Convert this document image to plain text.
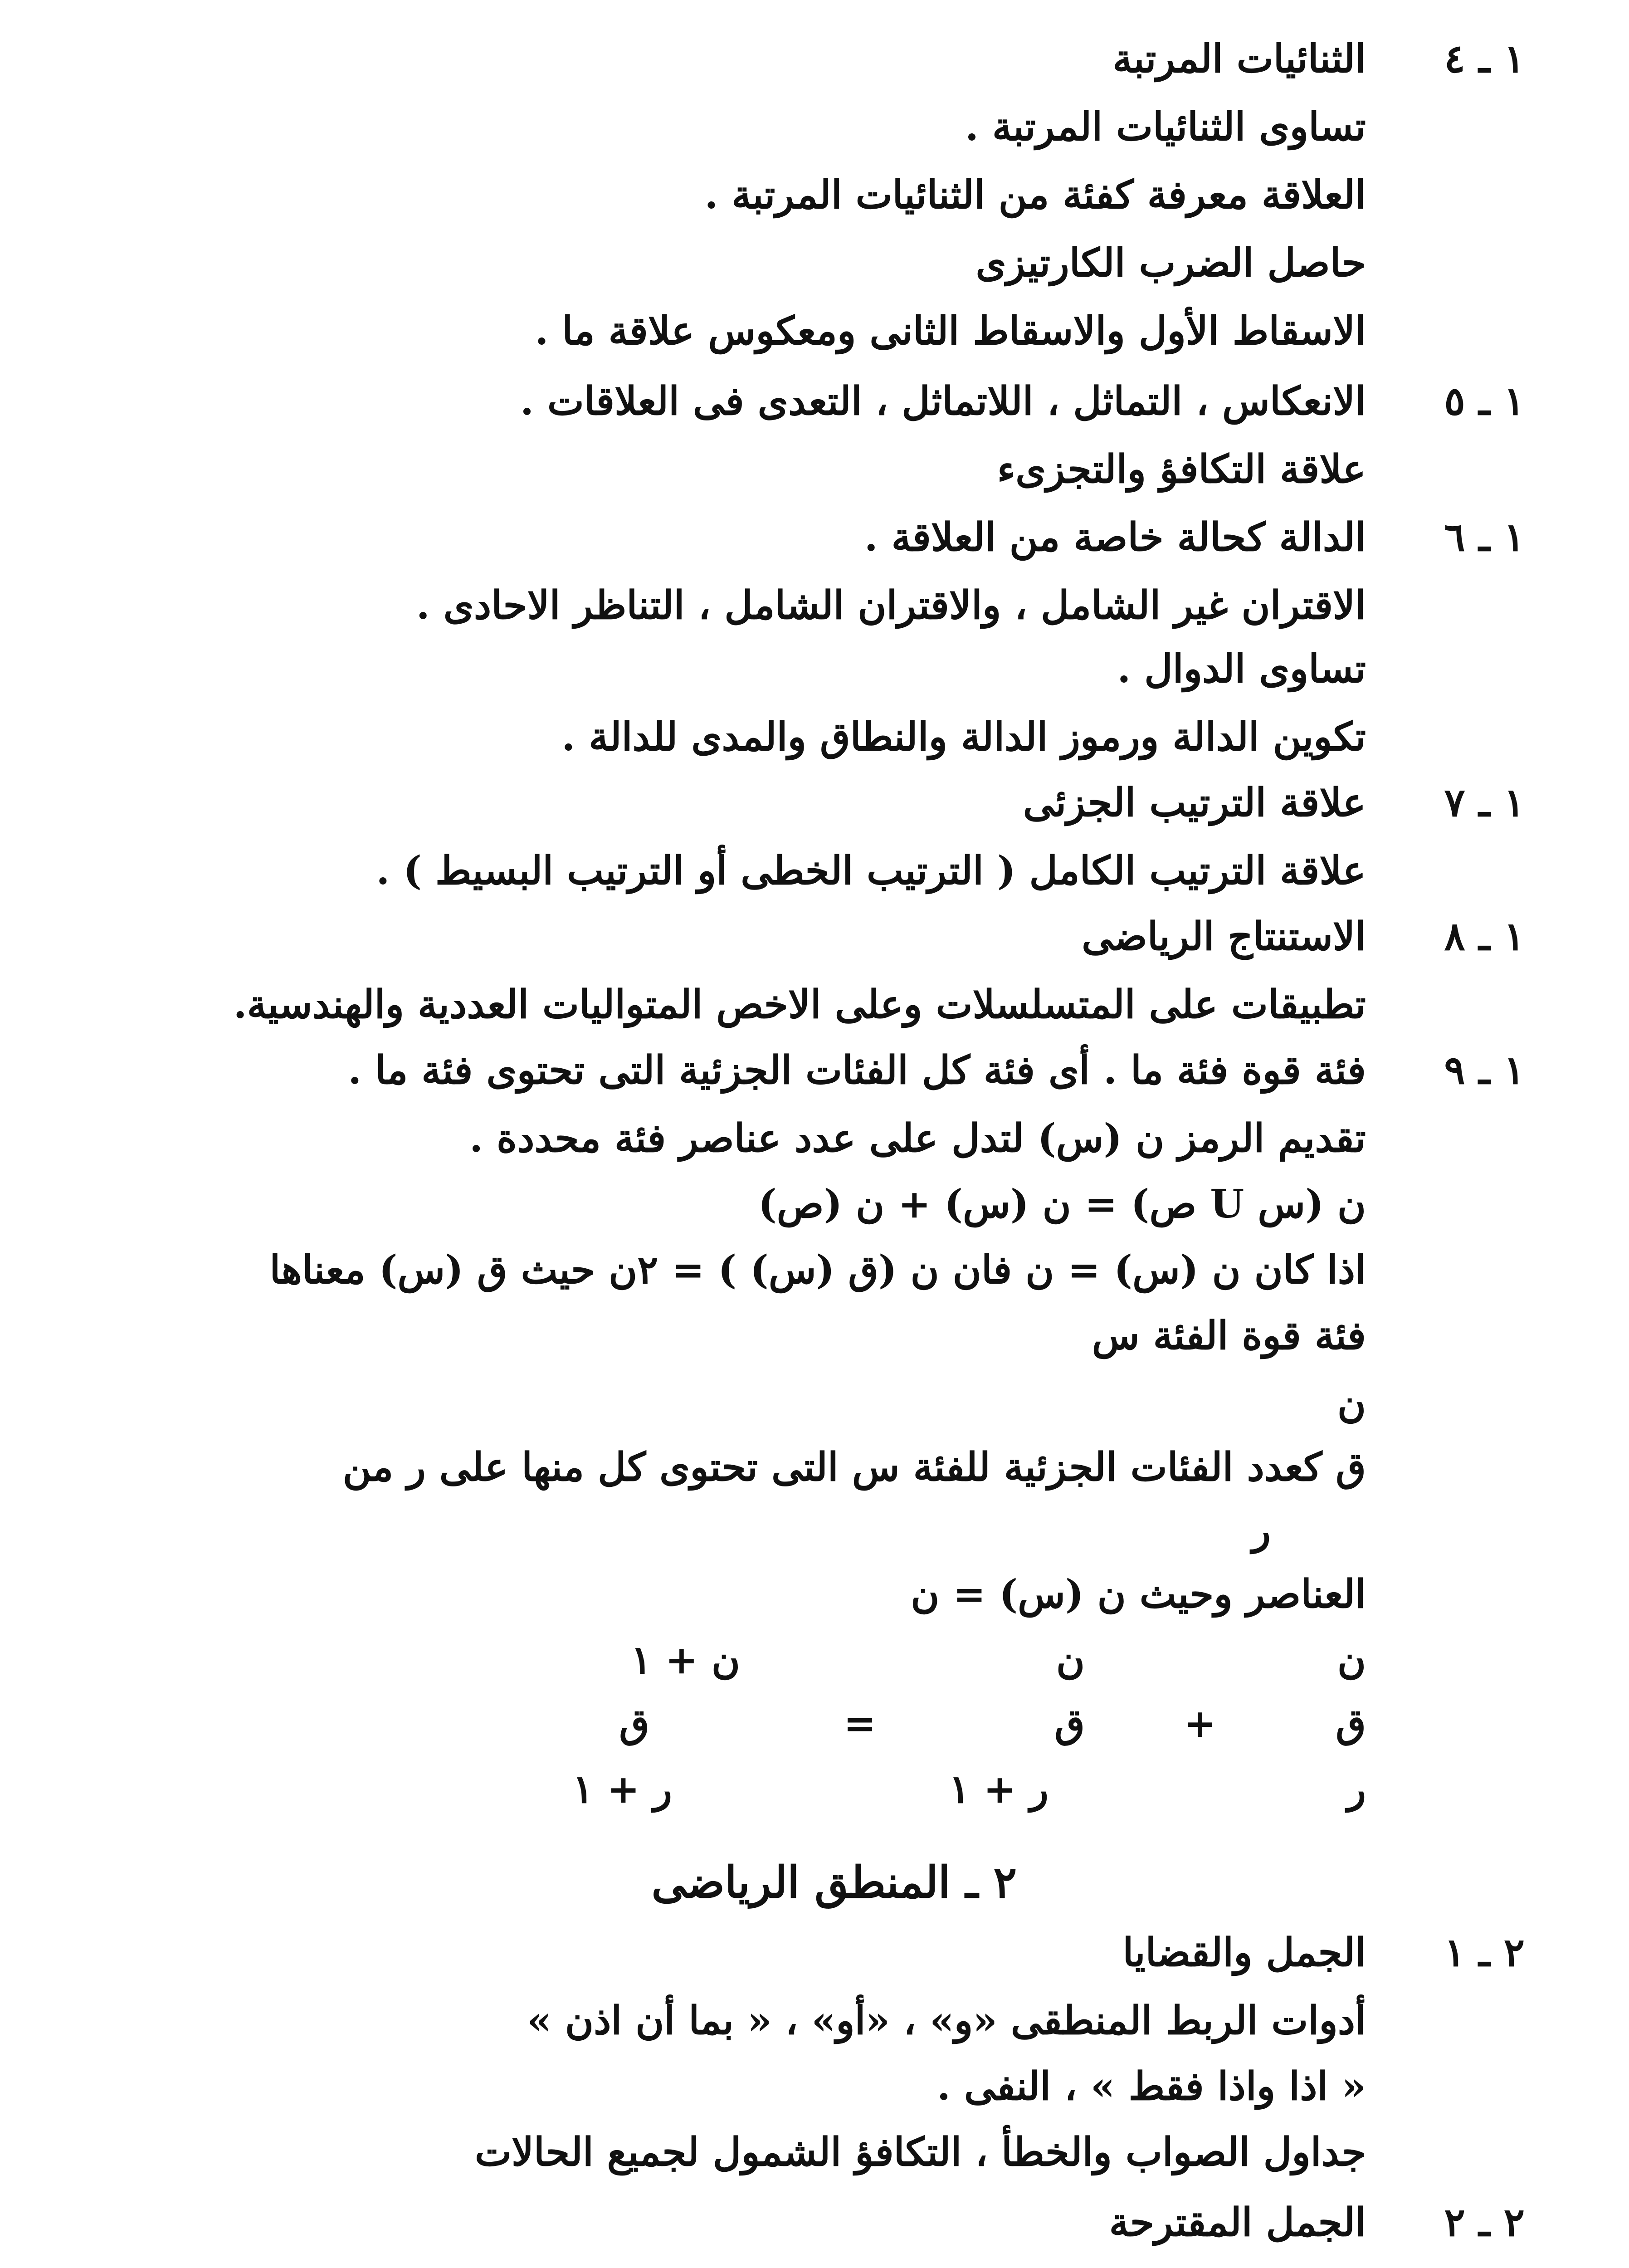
١ ـ ٤
الثنائيات المرتبة
تساوى الثنائيات المرتبة .
العلاقة معرفة كفئة من الثنائيات المرتبة .
حاصل الضرب الكارتيزى
الاسقاط الأول والاسقاط الثانى ومعكوس علاقة ما .
١ ـ ٥
الانعكاس ، التماثل ، اللاتماثل ، التعدى فى العلاقات .
علاقة التكافؤ والتجزىء
١ ـ ٦
الدالة كحالة خاصة من العلاقة .
الاقتران غير الشامل ، والاقتران الشامل ، التناظر الاحادى .
تساوى الدوال .
تكوين الدالة ورموز الدالة والنطاق والمدى للدالة .
١ ـ ٧
علاقة الترتيب الجزئى
علاقة الترتيب الكامل ( الترتيب الخطى أو الترتيب البسيط ) .
١ ـ ٨
الاستنتاج الرياضى
تطبيقات على المتسلسلات وعلى الاخص المتواليات العددية والهندسية.
١ ـ ٩
فئة قوة فئة ما . أى فئة كل الفئات الجزئية التى تحتوى فئة ما .
تقديم الرمز ن (س) لتدل على عدد عناصر فئة محددة .
ن (س U ص) = ن (س) + ن (ص)
اذا كان ن (س) = ن فان ن (ق (س) ) = ٢ن حيث ق (س) معناها
فئة قوة الفئة س
ن
ق كعدد الفئات الجزئية للفئة س التى تحتوى كل منها على ر من
ر
العناصر وحيث ن (س) = ن
ن
ن
ن + ١
ق
+
ق
=
ق
ر
ر + ١
ر + ١
٢ ـ المنطق الرياضى
٢ ـ ١
الجمل والقضايا
أدوات الربط المنطقى «و» ، «أو» ، « بما أن اذن »
« اذا واذا فقط » ، النفى .
جداول الصواب والخطأ ، التكافؤ الشمول لجميع الحالات
٢ ـ ٢
الجمل المقترحة
